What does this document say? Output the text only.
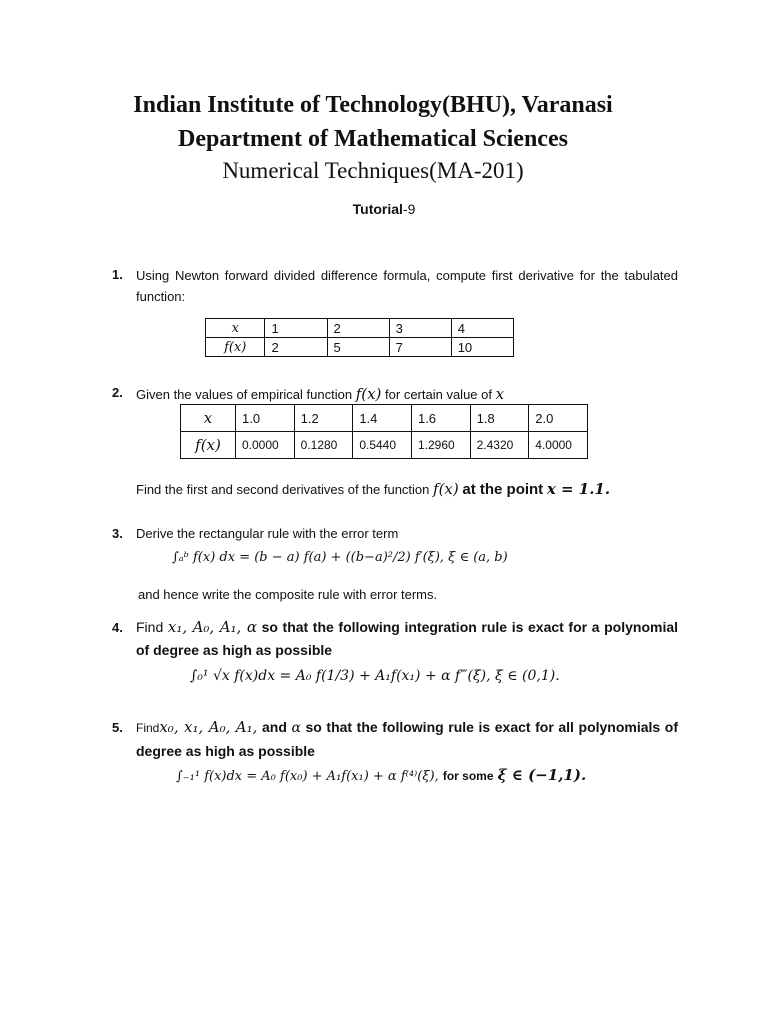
Indian Institute of Technology(BHU), Varanasi
Department of Mathematical Sciences
Numerical Techniques(MA-201)
Tutorial-9
1. Using Newton forward divided difference formula, compute first derivative for the tabulated function:
x	1	2	3	4
f(x)	2	5	7	10
2. Given the values of empirical function f(x) for certain value of x
x	1.0	1.2	1.4	1.6	1.8	2.0
f(x)	0.0000	0.1280	0.5440	1.2960	2.4320	4.0000
Find the first and second derivatives of the function f(x) at the point x = 1.1.
3. Derive the rectangular rule with the error term
∫ₐᵇ f(x) dx = (b − a) f(a) + ((b−a)²/2) f′(ξ), ξ ∈ (a, b)
and hence write the composite rule with error terms.
4. Find x₁, A₀, A₁, α so that the following integration rule is exact for a polynomial of degree as high as possible
∫₀¹ √x f(x)dx = A₀ f(1/3) + A₁f(x₁) + α f‴(ξ), ξ ∈ (0,1).
5. Findx₀, x₁, A₀, A₁, and α so that the following rule is exact for all polynomials of degree as high as possible
∫₋₁¹ f(x)dx = A₀ f(x₀) + A₁f(x₁) + α f⁽⁴⁾(ξ), for some ξ ∈ (−1,1).
